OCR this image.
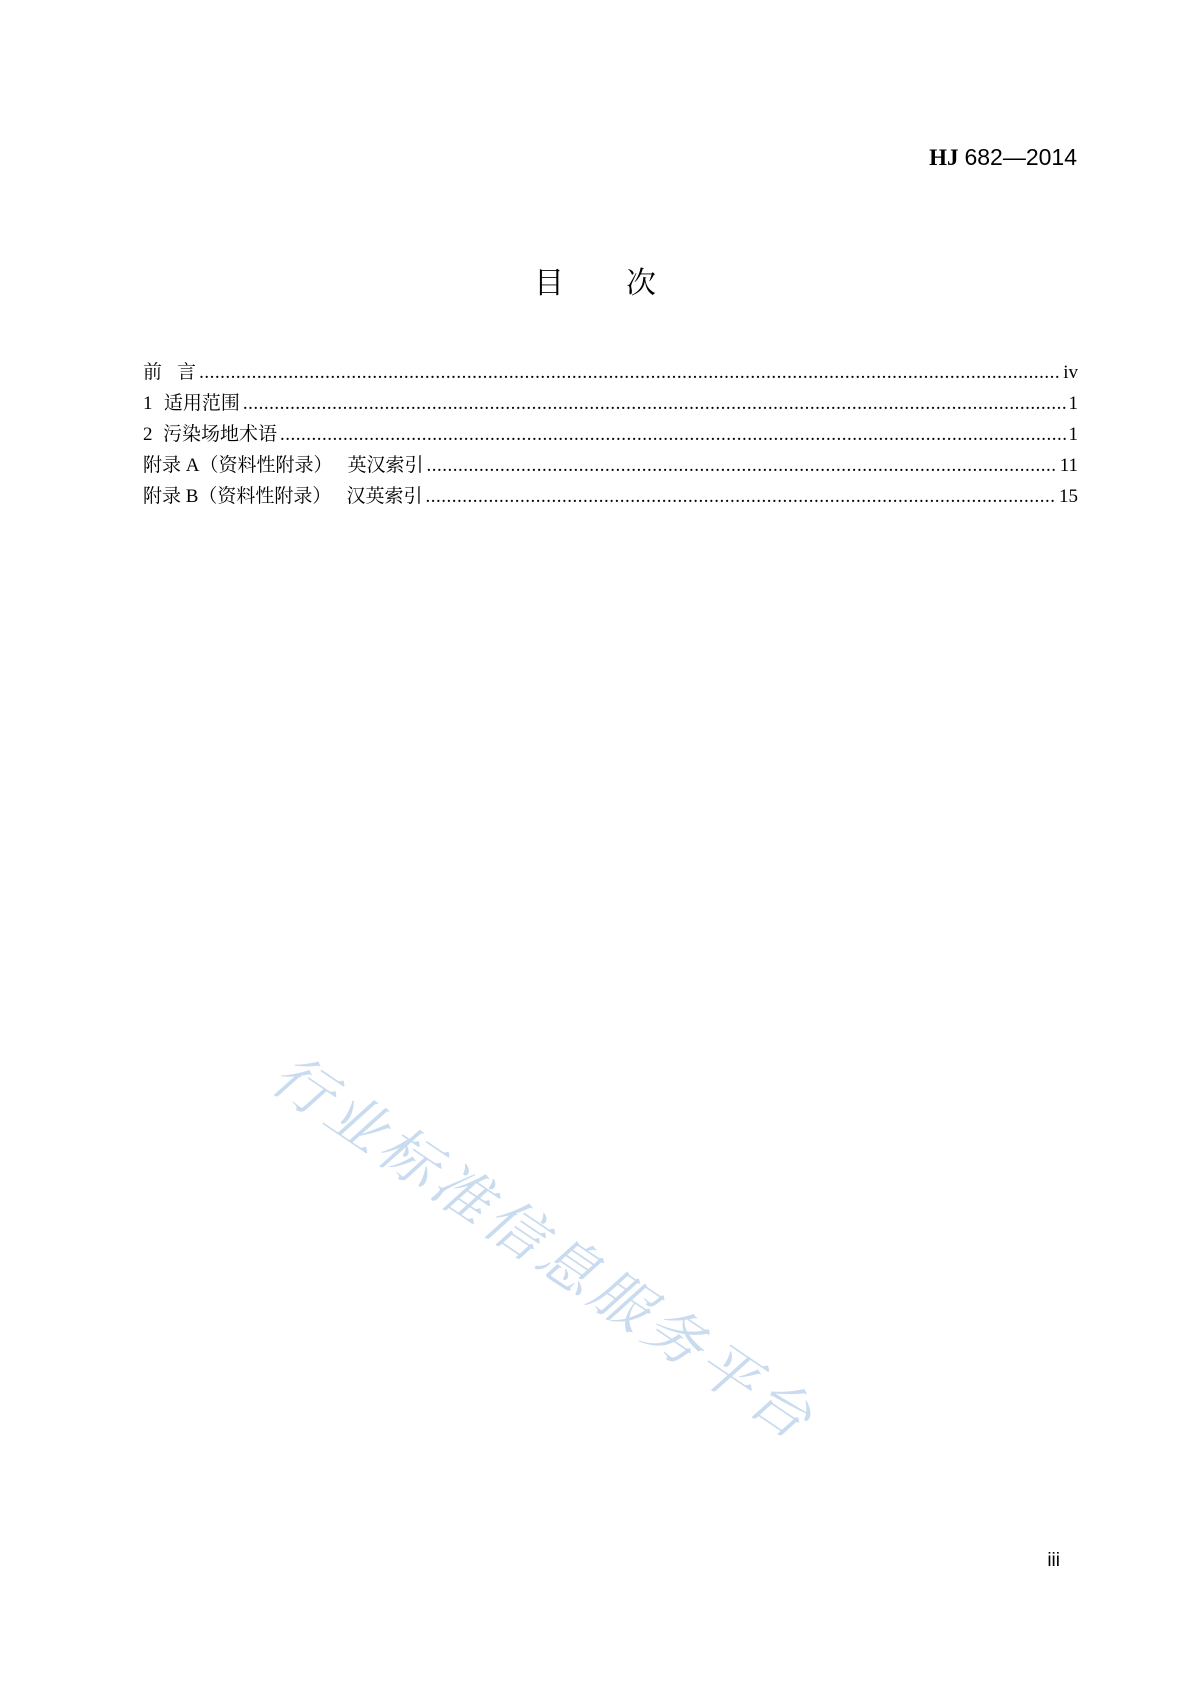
HJ 682—2014
目 次
前 言 .....	iv
1 适用范围 .....	1
2 污染场地术语 .....	1
附录 A（资料性附录） 英汉索引 .....	11
附录 B（资料性附录） 汉英索引 .....	15
行业标准信息服务平台
iii
